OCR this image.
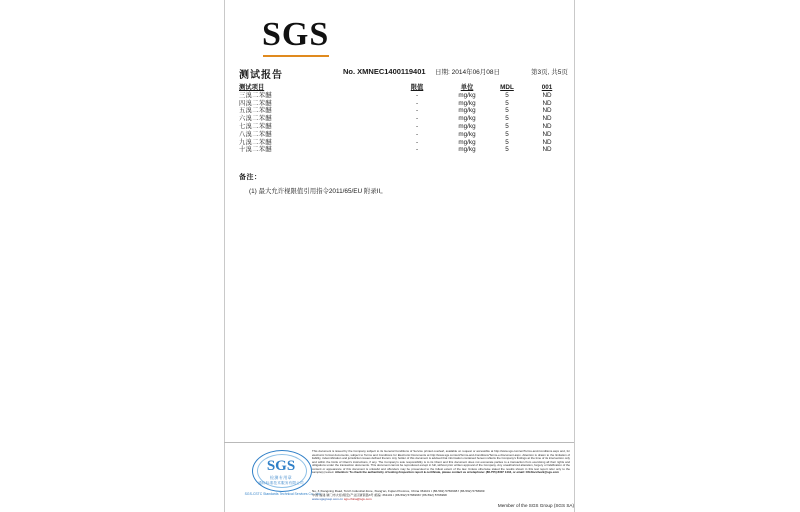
SGS
测试报告	No. XMNEC1400119401 日期: 2014年06月08日	第3页, 共5页
测试项目	限值	单位	MDL	001
三溴二苯醚	-	mg/kg	5	ND
四溴二苯醚	-	mg/kg	5	ND
五溴二苯醚	-	mg/kg	5	ND
六溴二苯醚	-	mg/kg	5	ND
七溴二苯醚	-	mg/kg	5	ND
八溴二苯醚	-	mg/kg	5	ND
九溴二苯醚	-	mg/kg	5	ND
十溴二苯醚	-	mg/kg	5	ND
备注：
(1) 最大允许枧限值引用指令2011/65/EU 附录II。
SGS
检测专用章
通标标准技术服务有限公司
SGS-CSTC Standards Technical Services Co., Ltd.
This document is issued by the Company subject to its General Conditions of Service printed overleaf, available on request or accessible at http://www.sgs.com/en/Terms-and-Conditions.aspx and, for electronic format documents, subject to Terms and Conditions for Electronic Documents at http://www.sgs.com/en/Terms-and-Conditions/Terms-e-Document.aspx. Attention is drawn to the limitation of liability, indemnification and jurisdiction issues defined therein. Any holder of this document is advised that information contained hereon reflects the Company's findings at the time of its intervention only and within the limits of Client's instructions, if any. The Company's sole responsibility is to its Client and this document does not exonerate parties to a transaction from exercising all their rights and obligations under the transaction documents. This document cannot be reproduced except in full, without prior written approval of the Company. Any unauthorized alteration, forgery or falsification of the content or appearance of this document is unlawful and offenders may be prosecuted to the fullest extent of the law. Unless otherwise stated the results shown in this test report refer only to the sample(s) tested. Attention: To check the authenticity of testing /inspection report & certificate, please contact us at telephone: (86-755) 8307 1443, or email: CN.Doccheck@sgs.com
No. 3 Xiangxing Road, Torch Industrial Zone, Xiang'an, Fujian Province, China 361101 t (86-592) 5766998 f (86-592) 5766999
中国·福建·厦门市火炬(翔安)产业区厦紫路3号 邮编: 361101 t (86-592) 5766998 f (86-592) 5766998
www.sgsgroup.com.cn sgs.china@sgs.com
Member of the SGS Group (SGS SA)
